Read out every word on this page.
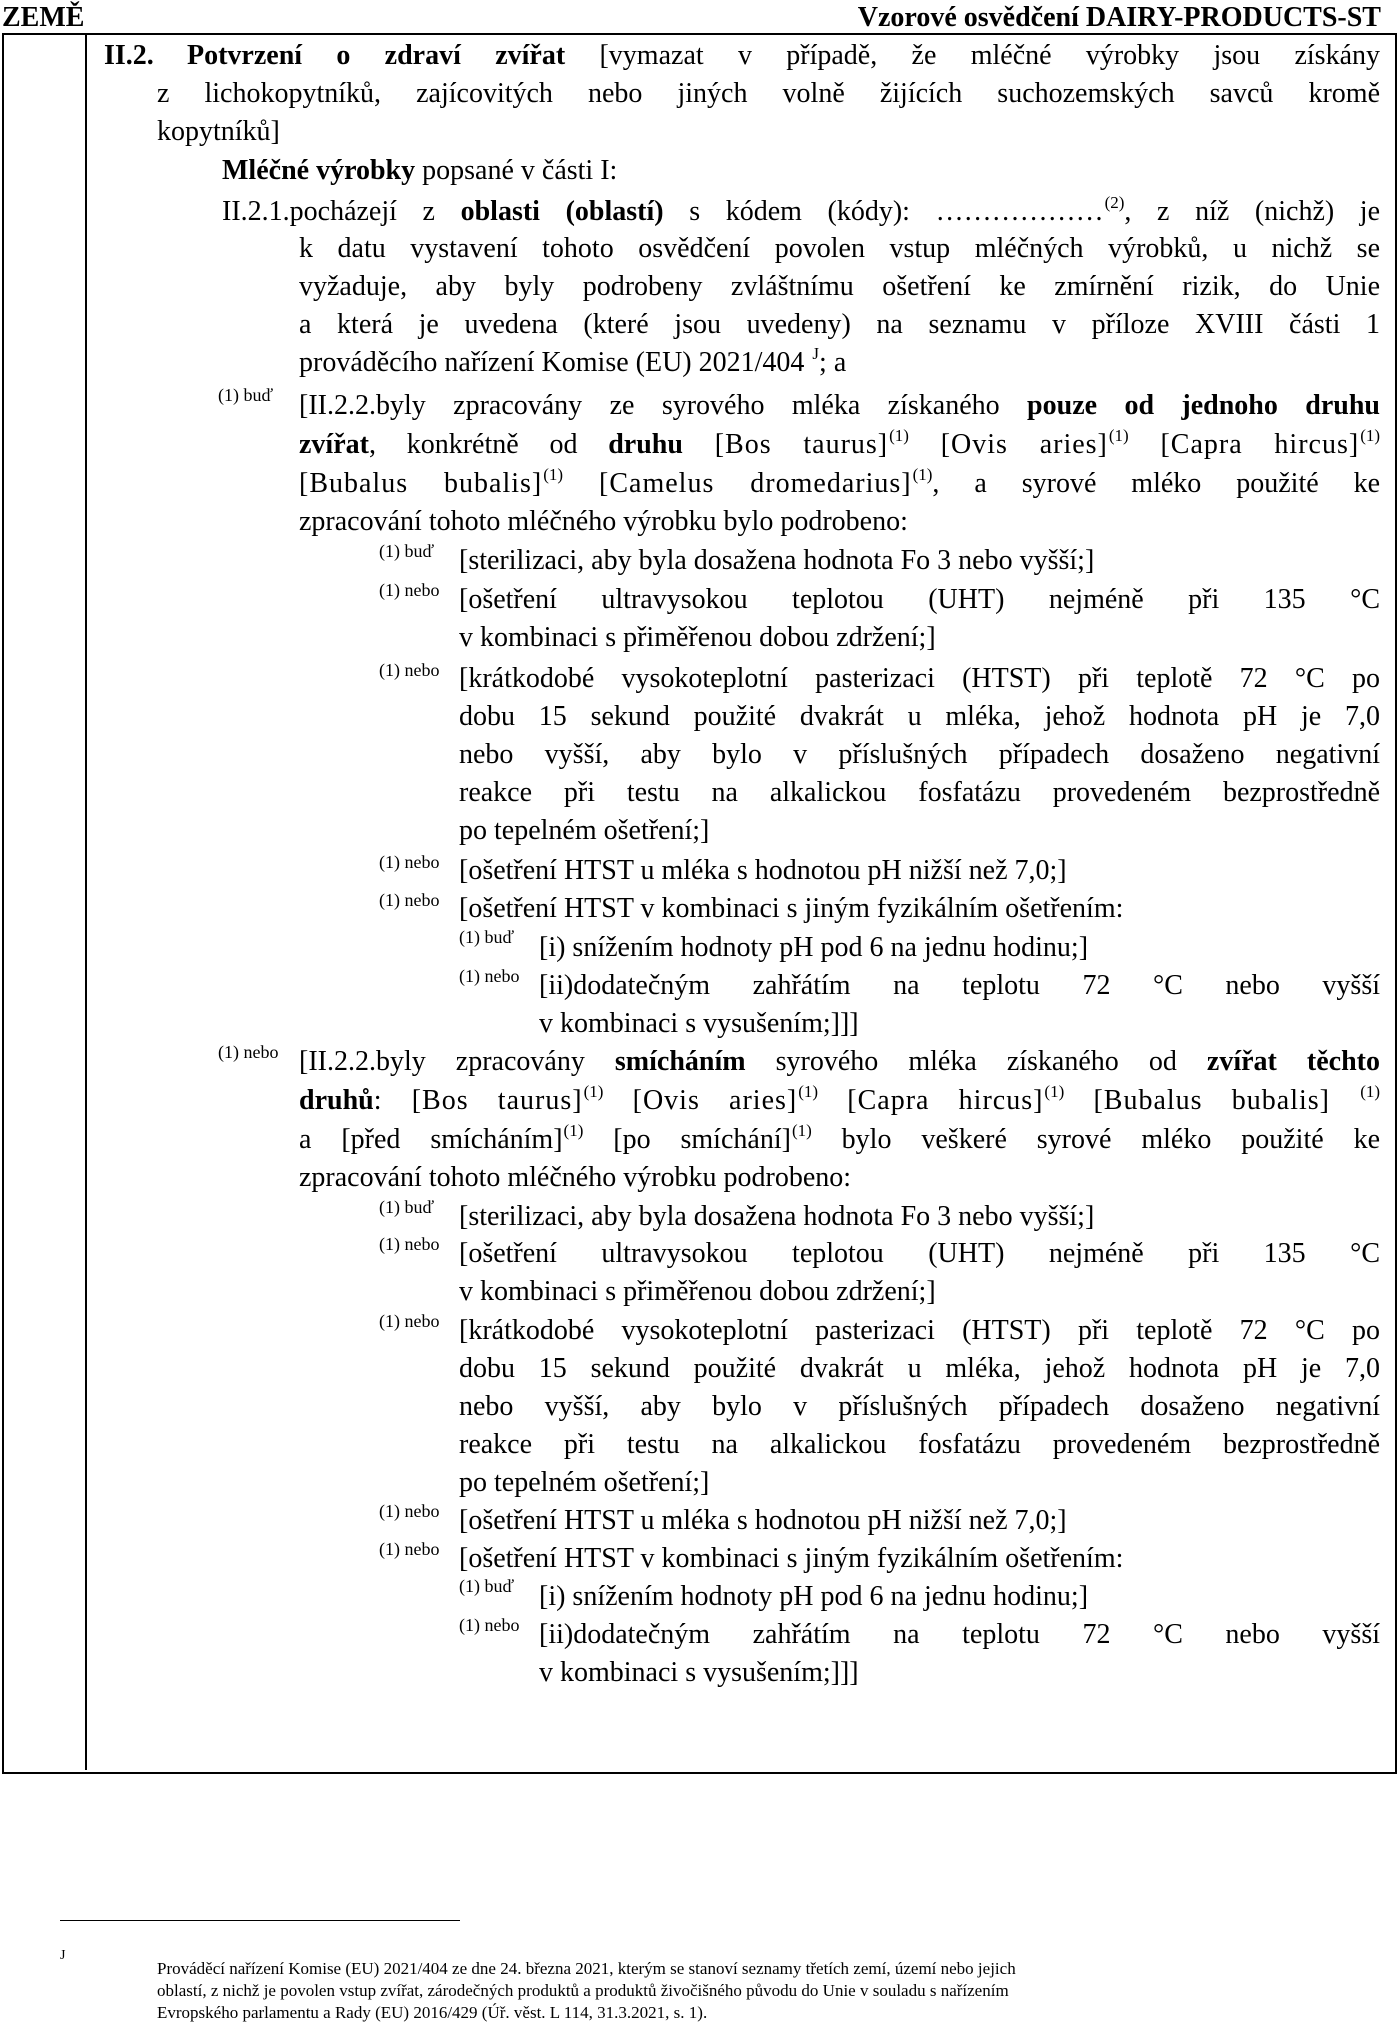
ZEMĚ	Vzorové osvědčení DAIRY-PRODUCTS-ST
II.2. Potvrzení o zdraví zvířat [vymazat v případě, že mléčné výrobky jsou získány
z lichokopytníků, zajícovitých nebo jiných volně žijících suchozemských savců kromě
kopytníků]
Mléčné výrobky popsané v části I:
II.2.1.pocházejí z oblasti (oblastí) s kódem (kódy): ………………$^{(2)}$, z níž (nichž) je
k datu vystavení tohoto osvědčení povolen vstup mléčných výrobků, u nichž se
vyžaduje, aby byly podrobeny zvláštnímu ošetření ke zmírnění rizik, do Unie
a která je uvedena (které jsou uvedeny) na seznamu v příloze XVIII části 1
prováděcího nařízení Komise (EU) 2021/404 $^J$; a
(1) buď [II.2.2.byly zpracovány ze syrového mléka získaného pouze od jednoho druhu
zvířat, konkrétně od druhu [Bos taurus]$^{(1)}$ [Ovis aries]$^{(1)}$ [Capra hircus]$^{(1)}$
[Bubalus bubalis]$^{(1)}$ [Camelus dromedarius]$^{(1)}$, a syrové mléko použité ke
zpracování tohoto mléčného výrobku bylo podrobeno:
(1) buď [sterilizaci, aby byla dosažena hodnota Fo 3 nebo vyšší;]
(1) nebo [ošetření ultravysokou teplotou (UHT) nejméně při 135 °C
v kombinaci s přiměřenou dobou zdržení;]
(1) nebo [krátkodobé vysokoteplotní pasterizaci (HTST) při teplotě 72 °C po
dobu 15 sekund použité dvakrát u mléka, jehož hodnota pH je 7,0
nebo vyšší, aby bylo v příslušných případech dosaženo negativní
reakce při testu na alkalickou fosfatázu provedeném bezprostředně
po tepelném ošetření;]
(1) nebo [ošetření HTST u mléka s hodnotou pH nižší než 7,0;]
(1) nebo [ošetření HTST v kombinaci s jiným fyzikálním ošetřením:
(1) buď [i) snížením hodnoty pH pod 6 na jednu hodinu;]
(1) nebo [ii)dodatečným zahřátím na teplotu 72 °C nebo vyšší
v kombinaci s vysušením;]]]
(1) nebo [II.2.2.byly zpracovány smícháním syrového mléka získaného od zvířat těchto
druhů: [Bos taurus]$^{(1)}$ [Ovis aries]$^{(1)}$ [Capra hircus]$^{(1)}$ [Bubalus bubalis] $^{(1)}$
a [před smícháním]$^{(1)}$ [po smíchání]$^{(1)}$ bylo veškeré syrové mléko použité ke
zpracování tohoto mléčného výrobku podrobeno:
(1) buď [sterilizaci, aby byla dosažena hodnota Fo 3 nebo vyšší;]
(1) nebo [ošetření ultravysokou teplotou (UHT) nejméně při 135 °C
v kombinaci s přiměřenou dobou zdržení;]
(1) nebo [krátkodobé vysokoteplotní pasterizaci (HTST) při teplotě 72 °C po
dobu 15 sekund použité dvakrát u mléka, jehož hodnota pH je 7,0
nebo vyšší, aby bylo v příslušných případech dosaženo negativní
reakce při testu na alkalickou fosfatázu provedeném bezprostředně
po tepelném ošetření;]
(1) nebo [ošetření HTST u mléka s hodnotou pH nižší než 7,0;]
(1) nebo [ošetření HTST v kombinaci s jiným fyzikálním ošetřením:
(1) buď [i) snížením hodnoty pH pod 6 na jednu hodinu;]
(1) nebo [ii)dodatečným zahřátím na teplotu 72 °C nebo vyšší
v kombinaci s vysušením;]]]
J
Prováděcí nařízení Komise (EU) 2021/404 ze dne 24. března 2021, kterým se stanoví seznamy třetích zemí, území nebo jejich
oblastí, z nichž je povolen vstup zvířat, zárodečných produktů a produktů živočišného původu do Unie v souladu s nařízením
Evropského parlamentu a Rady (EU) 2016/429 (Úř. věst. L 114, 31.3.2021, s. 1).
